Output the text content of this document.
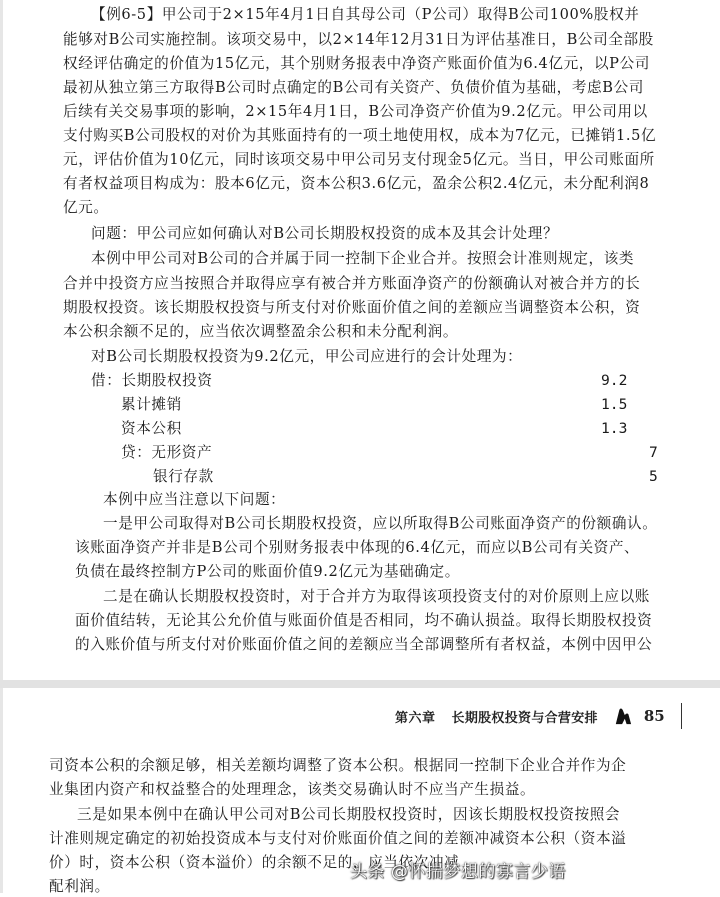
【例6-5】甲公司于2×15年4月1日自其母公司（P公司）取得B公司100%股权并
能够对B公司实施控制。该项交易中，以2×14年12月31日为评估基准日，B公司全部股
权经评估确定的价值为15亿元，其个别财务报表中净资产账面价值为6.4亿元，以P公司
最初从独立第三方取得B公司时点确定的B公司有关资产、负债价值为基础，考虑B公司
后续有关交易事项的影响，2×15年4月1日，B公司净资产价值为9.2亿元。甲公司用以
支付购买B公司股权的对价为其账面持有的一项土地使用权，成本为7亿元，已摊销1.5亿
元，评估价值为10亿元，同时该项交易中甲公司另支付现金5亿元。当日，甲公司账面所
有者权益项目构成为：股本6亿元，资本公积3.6亿元，盈余公积2.4亿元，未分配利润8
亿元。
问题：甲公司应如何确认对B公司长期股权投资的成本及其会计处理？
本例中甲公司对B公司的合并属于同一控制下企业合并。按照会计准则规定，该类
合并中投资方应当按照合并取得应享有被合并方账面净资产的份额确认对被合并方的长
期股权投资。该长期股权投资与所支付对价账面价值之间的差额应当调整资本公积，资
本公积余额不足的，应当依次调整盈余公积和未分配利润。
对B公司长期股权投资为9.2亿元，甲公司应进行的会计处理为：
借：长期股权投资	9.2
累计摊销	1.5
资本公积	1.3
贷：无形资产	7
银行存款	5
本例中应当注意以下问题：
一是甲公司取得对B公司长期股权投资，应以所取得B公司账面净资产的份额确认。
该账面净资产并非是B公司个别财务报表中体现的6.4亿元，而应以B公司有关资产、
负债在最终控制方P公司的账面价值9.2亿元为基础确定。
二是在确认长期股权投资时，对于合并方为取得该项投资支付的对价原则上应以账
面价值结转，无论其公允价值与账面价值是否相同，均不确认损益。取得长期股权投资
的入账价值与所支付对价账面价值之间的差额应当全部调整所有者权益，本例中因甲公
第六章 长期股权投资与合营安排	85
司资本公积的余额足够，相关差额均调整了资本公积。根据同一控制下企业合并作为企
业集团内资产和权益整合的处理理念，该类交易确认时不应当产生损益。
三是如果本例中在确认甲公司对B公司长期股权投资时，因该长期股权投资按照会
计准则规定确定的初始投资成本与支付对价账面价值之间的差额冲减资本公积（资本溢
价）时，资本公积（资本溢价）的余额不足的，应当依次冲减
配利润。
头条 @怀揣梦想的寡言少语
